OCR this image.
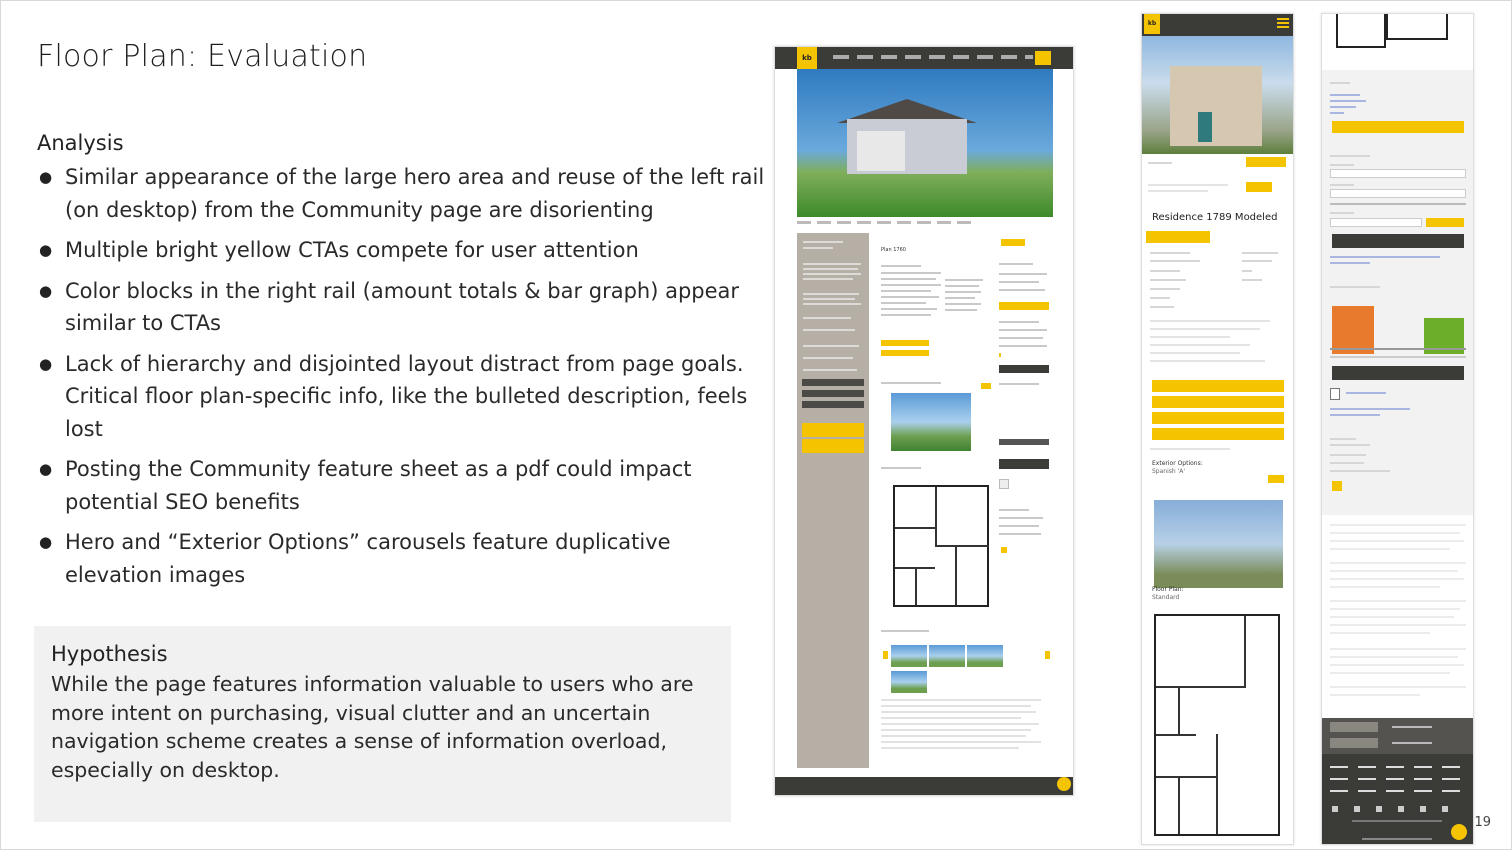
Floor Plan: Evaluation
Analysis
● Similar appearance of the large hero area and reuse of the left rail (on desktop) from the Community page are disorienting
● Multiple bright yellow CTAs compete for user attention
● Color blocks in the right rail (amount totals & bar graph) appear similar to CTAs
● Lack of hierarchy and disjointed layout distract from page goals. Critical floor plan-specific info, like the bulleted description, feels lost
● Posting the Community feature sheet as a pdf could impact potential SEO benefits
● Hero and “Exterior Options” carousels feature duplicative elevation images
Hypothesis

While the page features information valuable to users who are more intent on purchasing, visual clutter and an uncertain navigation scheme creates a sense of information overload, especially on desktop.

kb
Plan 1760
kb
Residence 1789 Modeled
Exterior Options:
Spanish 'A'
Floor Plan:
Standard
19
